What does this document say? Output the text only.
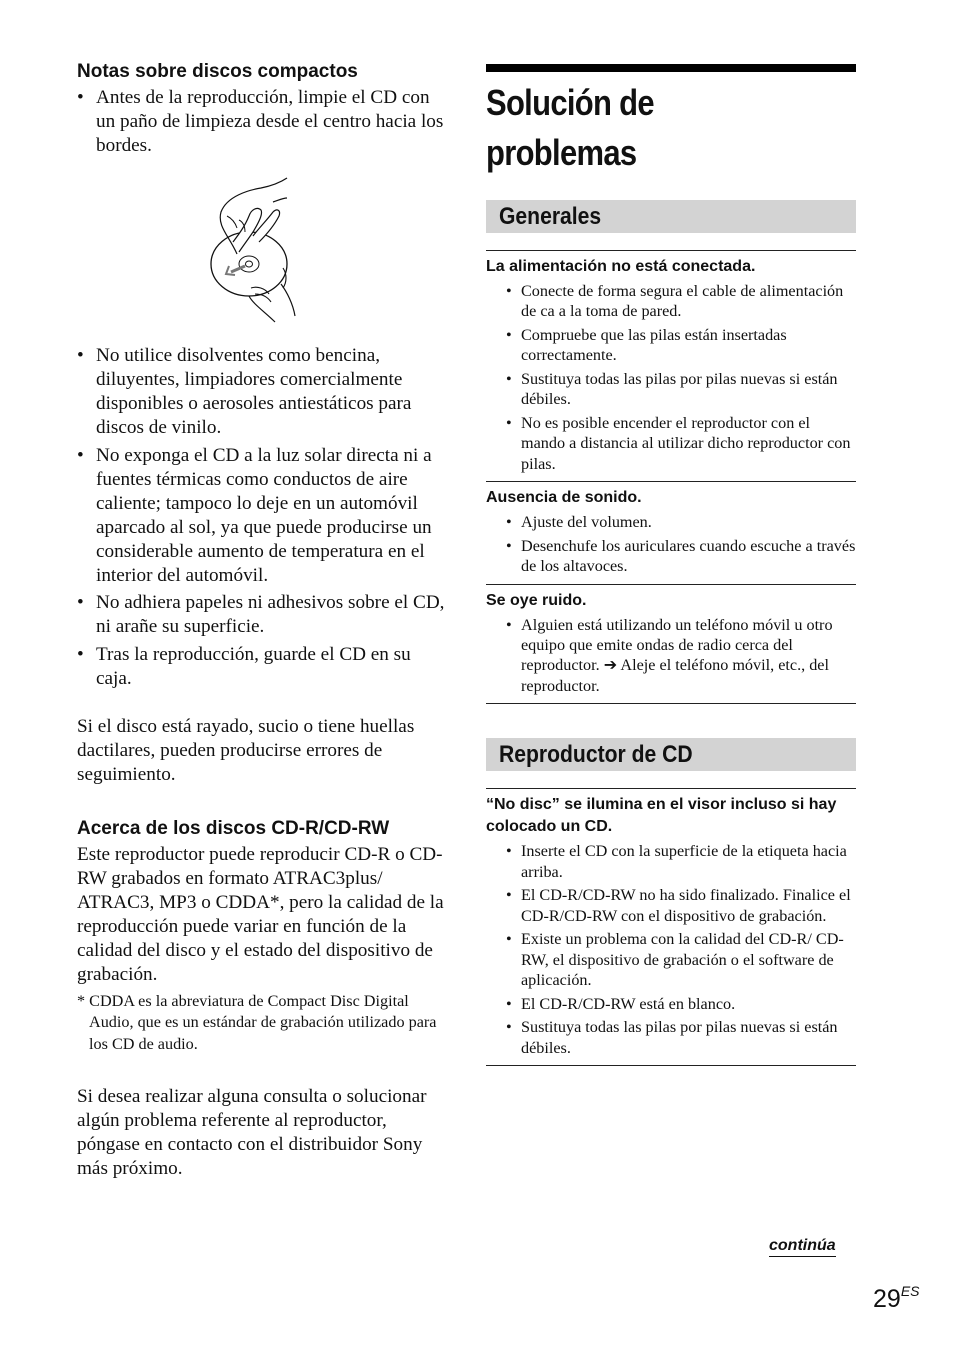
Notas sobre discos compactos
• Antes de la reproducción, limpie el CD con un paño de limpieza desde el centro hacia los bordes.
• No utilice disolventes como bencina, diluyentes, limpiadores comercialmente disponibles o aerosoles antiestáticos para discos de vinilo.
• No exponga el CD a la luz solar directa ni a fuentes térmicas como conductos de aire caliente; tampoco lo deje en un automóvil aparcado al sol, ya que puede producirse un considerable aumento de temperatura en el interior del automóvil.
• No adhiera papeles ni adhesivos sobre el CD, ni arañe su superficie.
• Tras la reproducción, guarde el CD en su caja.

Si el disco está rayado, sucio o tiene huellas dactilares, pueden producirse errores de seguimiento.

Acerca de los discos CD-R/CD-RW

Este reproductor puede reproducir CD-R o CD-RW grabados en formato ATRAC3plus/ ATRAC3, MP3 o CDDA*, pero la calidad de la reproducción puede variar en función de la calidad del disco y el estado del dispositivo de grabación.

* CDDA es la abreviatura de Compact Disc Digital Audio, que es un estándar de grabación utilizado para los CD de audio.

Si desea realizar alguna consulta o solucionar algún problema referente al reproductor, póngase en contacto con el distribuidor Sony más próximo.

Solución de problemas
Generales
La alimentación no está conectada.
• Conecte de forma segura el cable de alimentación de ca a la toma de pared.
• Compruebe que las pilas están insertadas correctamente.
• Sustituya todas las pilas por pilas nuevas si están débiles.
• No es posible encender el reproductor con el mando a distancia al utilizar dicho reproductor con pilas.
Ausencia de sonido.
• Ajuste del volumen.
• Desenchufe los auriculares cuando escuche a través de los altavoces.
Se oye ruido.
• Alguien está utilizando un teléfono móvil u otro equipo que emite ondas de radio cerca del reproductor. ➔ Aleje el teléfono móvil, etc., del reproductor.
Reproductor de CD
“No disc” se ilumina en el visor incluso si hay colocado un CD.
• Inserte el CD con la superficie de la etiqueta hacia arriba.
• El CD-R/CD-RW no ha sido finalizado. Finalice el CD-R/CD-RW con el dispositivo de grabación.
• Existe un problema con la calidad del CD-R/ CD-RW, el dispositivo de grabación o el software de aplicación.
• El CD-R/CD-RW está en blanco.
• Sustituya todas las pilas por pilas nuevas si están débiles.
continúa
$29^{ES}$
